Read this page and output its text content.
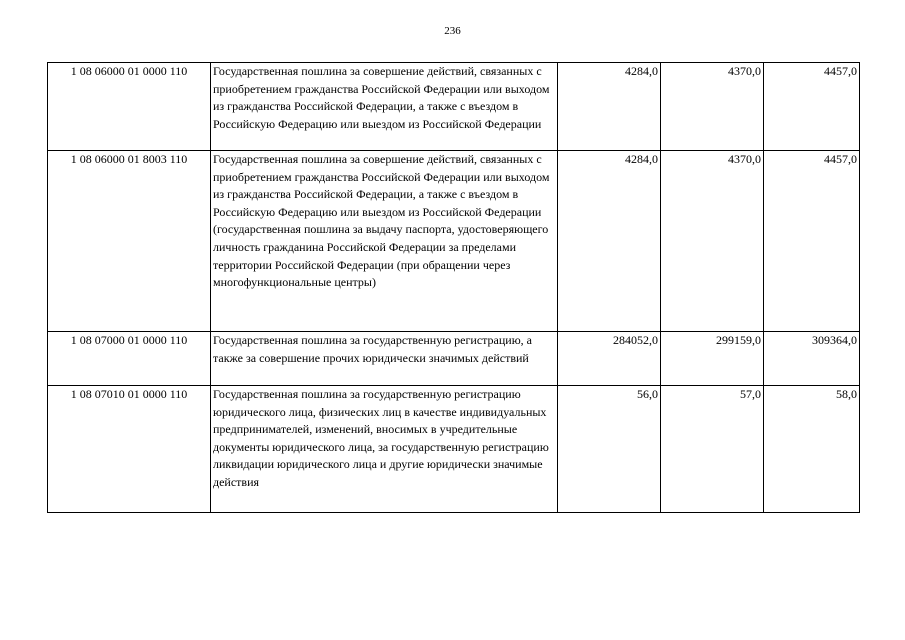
236
1 08 06000 01 0000 110	Государственная пошлина за совершение действий, связанных с приобретением гражданства Российской Федерации или выходом из гражданства Российской Федерации, а также с въездом в Российскую Федерацию или выездом из Российской Федерации	4284,0	4370,0	4457,0
1 08 06000 01 8003 110	Государственная пошлина за совершение действий, связанных с приобретением гражданства Российской Федерации или выходом из гражданства Российской Федерации, а также с въездом в Российскую Федерацию или выездом из Российской Федерации (государственная пошлина за выдачу паспорта, удостоверяющего личность гражданина Российской Федерации за пределами территории Российской Федерации (при обращении через многофункциональные центры)	4284,0	4370,0	4457,0
1 08 07000 01 0000 110	Государственная пошлина за государственную регистрацию, а также за совершение прочих юридически значимых действий	284052,0	299159,0	309364,0
1 08 07010 01 0000 110	Государственная пошлина за государственную регистрацию юридического лица, физических лиц в качестве индивидуальных предпринимателей, изменений, вносимых в учредительные документы юридического лица, за государственную регистрацию ликвидации юридического лица и другие юридически значимые действия	56,0	57,0	58,0
